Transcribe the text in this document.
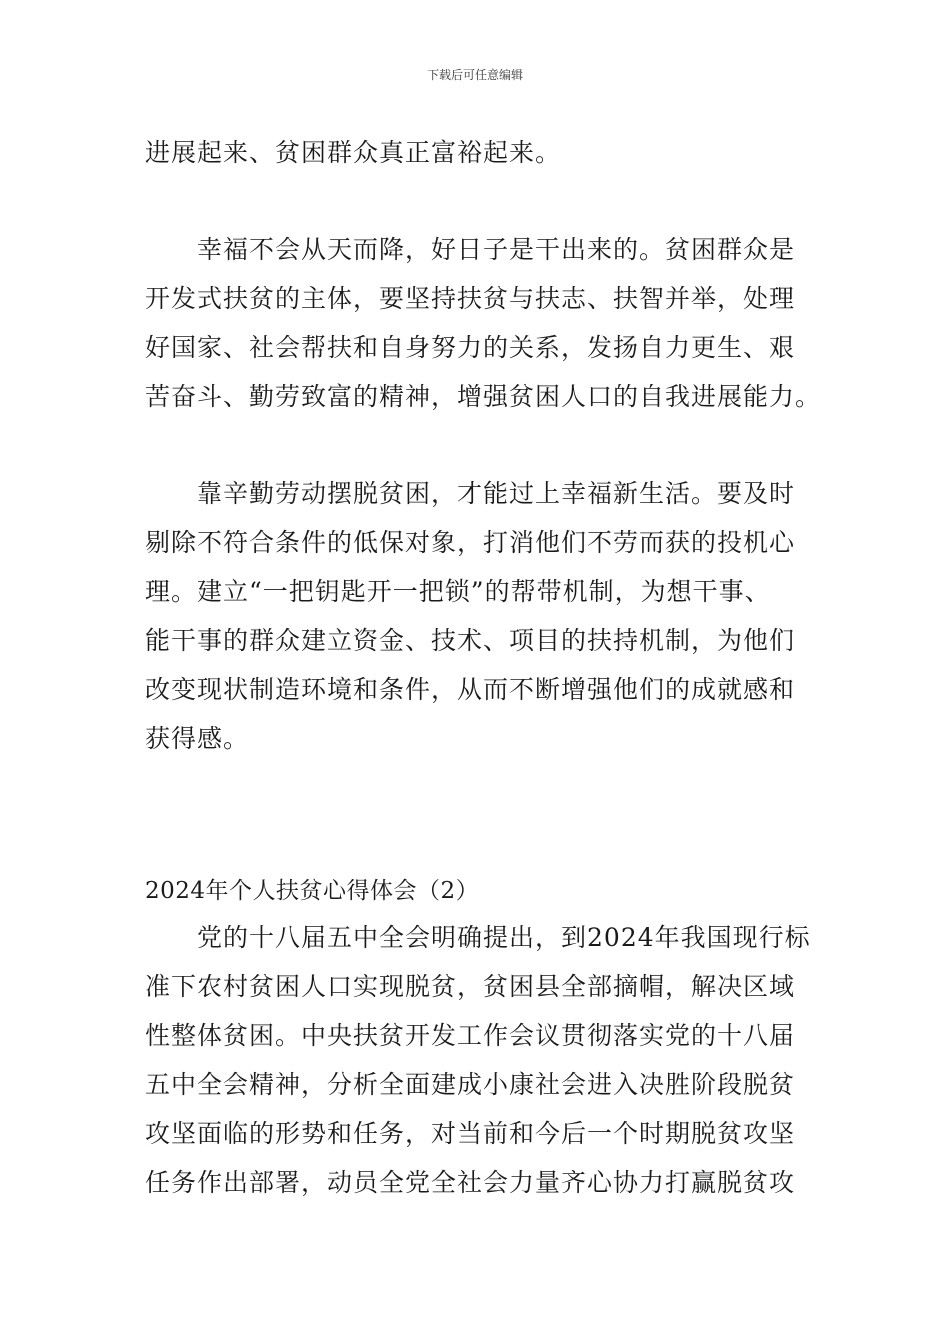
下载后可任意编辑
进展起来、贫困群众真正富裕起来。
　　幸福不会从天而降，好日子是干出来的。贫困群众是
开发式扶贫的主体，要坚持扶贫与扶志、扶智并举，处理
好国家、社会帮扶和自身努力的关系，发扬自力更生、艰
苦奋斗、勤劳致富的精神，增强贫困人口的自我进展能力。
　　靠辛勤劳动摆脱贫困，才能过上幸福新生活。要及时
剔除不符合条件的低保对象，打消他们不劳而获的投机心
理。建立“一把钥匙开一把锁”的帮带机制，为想干事、
能干事的群众建立资金、技术、项目的扶持机制，为他们
改变现状制造环境和条件，从而不断增强他们的成就感和
获得感。
2024年个人扶贫心得体会（2）
　　党的十八届五中全会明确提出，到2024年我国现行标
准下农村贫困人口实现脱贫，贫困县全部摘帽，解决区域
性整体贫困。中央扶贫开发工作会议贯彻落实党的十八届
五中全会精神，分析全面建成小康社会进入决胜阶段脱贫
攻坚面临的形势和任务，对当前和今后一个时期脱贫攻坚
任务作出部署，动员全党全社会力量齐心协力打赢脱贫攻
